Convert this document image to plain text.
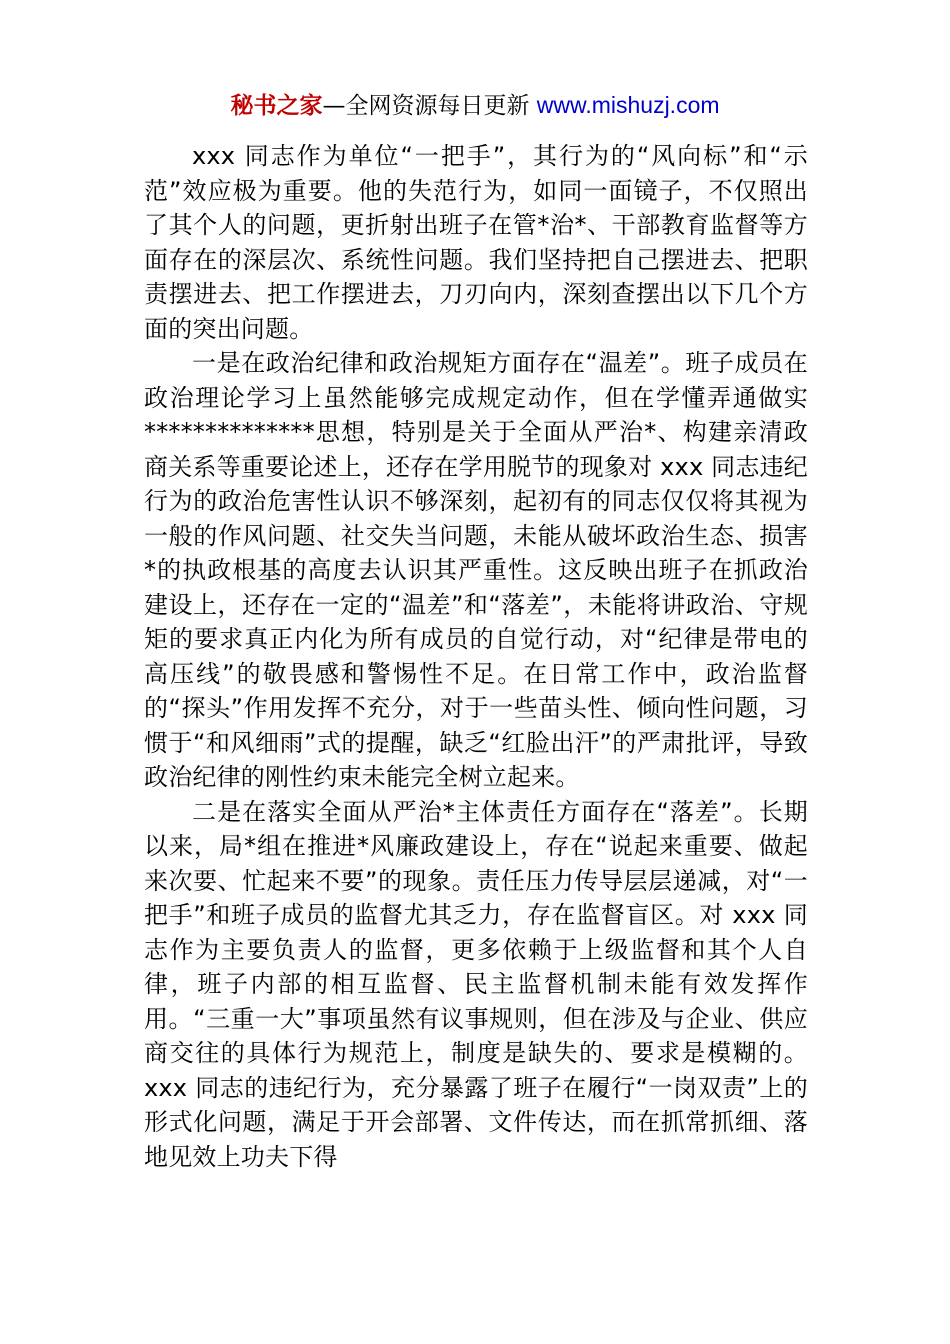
秘书之家—全网资源每日更新 www.mishuzj.com

xxx 同志作为单位“一把手”，其行为的“风向标”和“示范”效应极为重要。他的失范行为，如同一面镜子，不仅照出了其个人的问题，更折射出班子在管*治*、干部教育监督等方面存在的深层次、系统性问题。我们坚持把自己摆进去、把职责摆进去、把工作摆进去，刀刃向内，深刻查摆出以下几个方面的突出问题。

一是在政治纪律和政治规矩方面存在“温差”。班子成员在政治理论学习上虽然能够完成规定动作，但在学懂弄通做实**************思想，特别是关于全面从严治*、构建亲清政商关系等重要论述上，还存在学用脱节的现象对 xxx 同志违纪行为的政治危害性认识不够深刻，起初有的同志仅仅将其视为一般的作风问题、社交失当问题，未能从破坏政治生态、损害*的执政根基的高度去认识其严重性。这反映出班子在抓政治建设上，还存在一定的“温差”和“落差”，未能将讲政治、守规矩的要求真正内化为所有成员的自觉行动，对“纪律是带电的高压线”的敬畏感和警惕性不足。在日常工作中，政治监督的“探头”作用发挥不充分，对于一些苗头性、倾向性问题，习惯于“和风细雨”式的提醒，缺乏“红脸出汗”的严肃批评，导致政治纪律的刚性约束未能完全树立起来。

二是在落实全面从严治*主体责任方面存在“落差”。长期以来，局*组在推进*风廉政建设上，存在“说起来重要、做起来次要、忙起来不要”的现象。责任压力传导层层递减，对“一把手”和班子成员的监督尤其乏力，存在监督盲区。对 xxx 同志作为主要负责人的监督，更多依赖于上级监督和其个人自律，班子内部的相互监督、民主监督机制未能有效发挥作用。“三重一大”事项虽然有议事规则，但在涉及与企业、供应商交往的具体行为规范上，制度是缺失的、要求是模糊的。xxx 同志的违纪行为，充分暴露了班子在履行“一岗双责”上的形式化问题，满足于开会部署、文件传达，而在抓常抓细、落地见效上功夫下得
